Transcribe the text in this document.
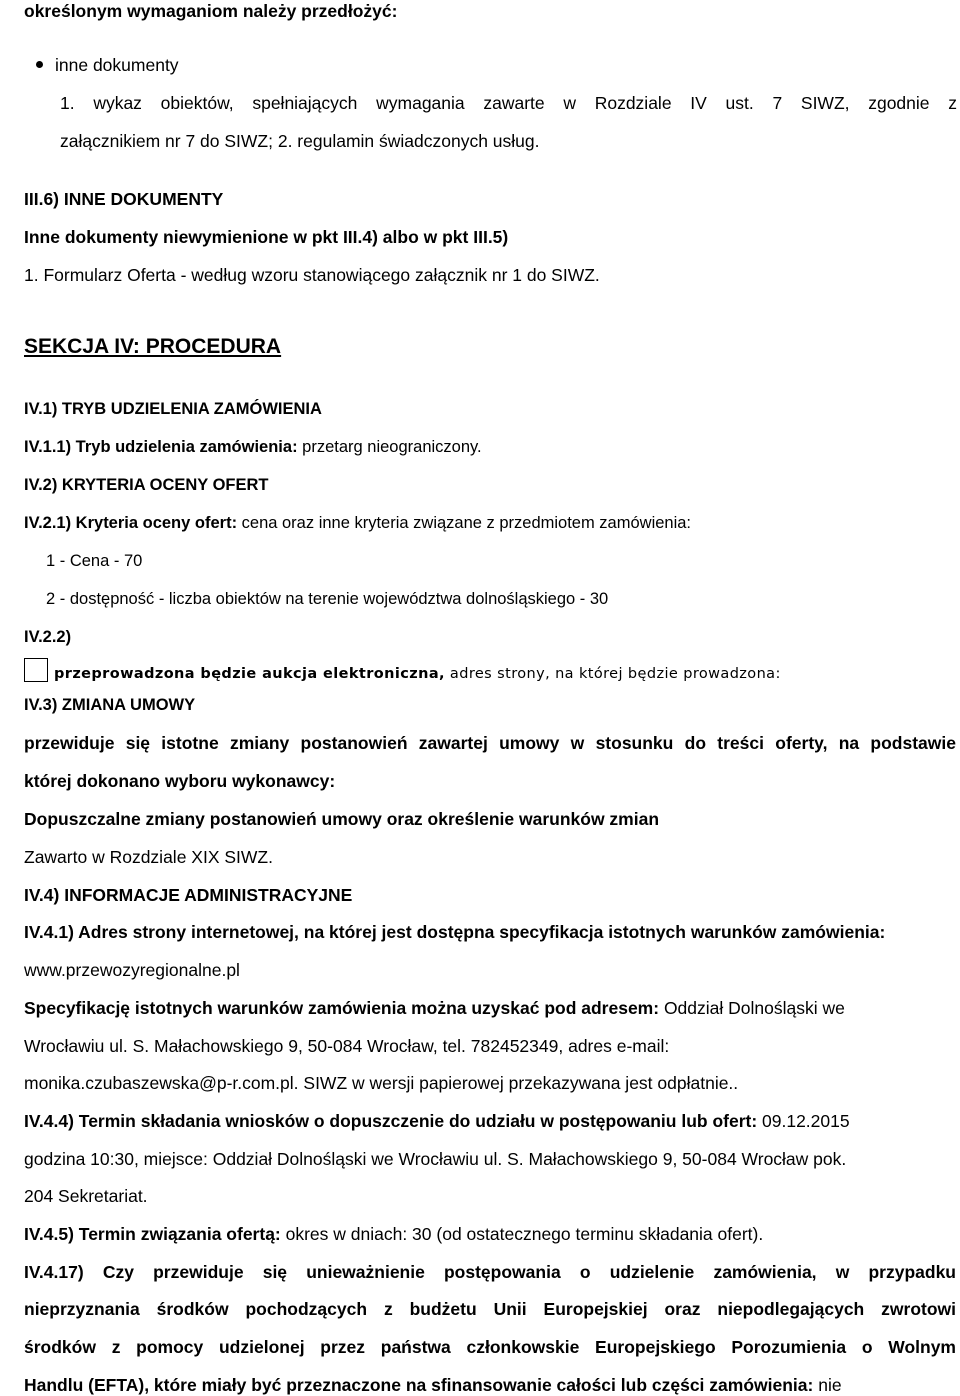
określonym wymaganiom należy przedłożyć:
inne dokumenty
1. wykaz obiektów, spełniających wymagania zawarte w Rozdziale IV ust. 7 SIWZ, zgodnie z
załącznikiem nr 7 do SIWZ; 2. regulamin świadczonych usług.
III.6) INNE DOKUMENTY
Inne dokumenty niewymienione w pkt III.4) albo w pkt III.5)
1. Formularz Oferta - według wzoru stanowiącego załącznik nr 1 do SIWZ.
SEKCJA IV: PROCEDURA
IV.1) TRYB UDZIELENIA ZAMÓWIENIA
IV.1.1) Tryb udzielenia zamówienia: przetarg nieograniczony.
IV.2) KRYTERIA OCENY OFERT
IV.2.1) Kryteria oceny ofert: cena oraz inne kryteria związane z przedmiotem zamówienia:
1 - Cena - 70
2 - dostępność - liczba obiektów na terenie województwa dolnośląskiego - 30
IV.2.2)
przeprowadzona będzie aukcja elektroniczna, adres strony, na której będzie prowadzona:
IV.3) ZMIANA UMOWY
przewiduje się istotne zmiany postanowień zawartej umowy w stosunku do treści oferty, na podstawie
której dokonano wyboru wykonawcy:
Dopuszczalne zmiany postanowień umowy oraz określenie warunków zmian
Zawarto w Rozdziale XIX SIWZ.
IV.4) INFORMACJE ADMINISTRACYJNE
IV.4.1) Adres strony internetowej, na której jest dostępna specyfikacja istotnych warunków zamówienia:
www.przewozyregionalne.pl
Specyfikację istotnych warunków zamówienia można uzyskać pod adresem: Oddział Dolnośląski we
Wrocławiu ul. S. Małachowskiego 9, 50-084 Wrocław, tel. 782452349, adres e-mail:
monika.czubaszewska@p-r.com.pl. SIWZ w wersji papierowej przekazywana jest odpłatnie..
IV.4.4) Termin składania wniosków o dopuszczenie do udziału w postępowaniu lub ofert: 09.12.2015
godzina 10:30, miejsce: Oddział Dolnośląski we Wrocławiu ul. S. Małachowskiego 9, 50-084 Wrocław pok.
204 Sekretariat.
IV.4.5) Termin związania ofertą: okres w dniach: 30 (od ostatecznego terminu składania ofert).
IV.4.17) Czy przewiduje się unieważnienie postępowania o udzielenie zamówienia, w przypadku
nieprzyznania środków pochodzących z budżetu Unii Europejskiej oraz niepodlegających zwrotowi
środków z pomocy udzielonej przez państwa członkowskie Europejskiego Porozumienia o Wolnym
Handlu (EFTA), które miały być przeznaczone na sfinansowanie całości lub części zamówienia: nie
